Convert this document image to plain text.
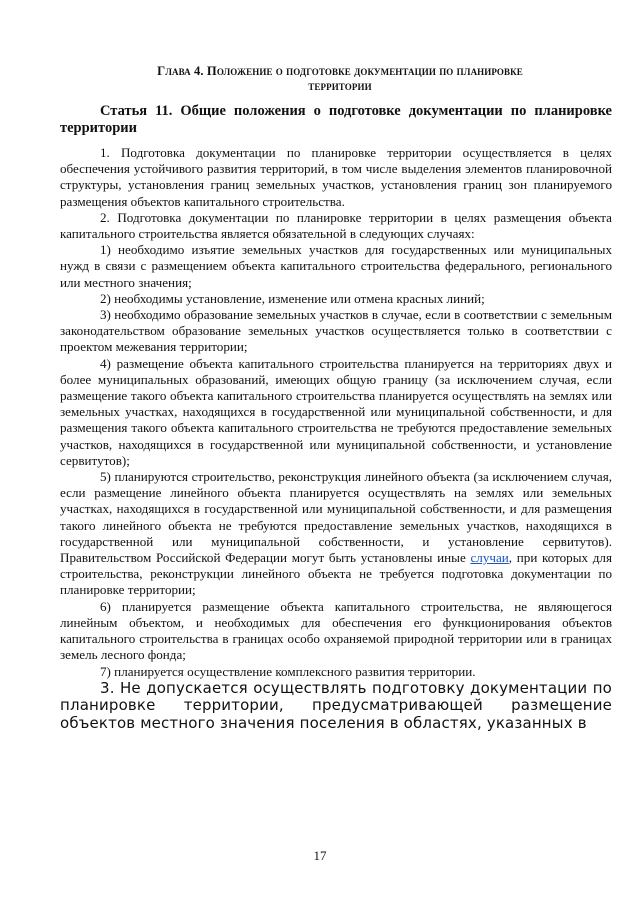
Глава 4. Положение о подготовке документации по планировке
территории
Статья 11. Общие положения о подготовке документации по планировке территории

1. Подготовка документации по планировке территории осуществляется в целях обеспечения устойчивого развития территорий, в том числе выделения элементов планировочной структуры, установления границ земельных участков, установления границ зон планируемого размещения объектов капитального строительства.

2. Подготовка документации по планировке территории в целях размещения объекта капитального строительства является обязательной в следующих случаях:

1) необходимо изъятие земельных участков для государственных или муниципальных нужд в связи с размещением объекта капитального строительства федерального, регионального или местного значения;

2) необходимы установление, изменение или отмена красных линий;

3) необходимо образование земельных участков в случае, если в соответствии с земельным законодательством образование земельных участков осуществляется только в соответствии с проектом межевания территории;

4) размещение объекта капитального строительства планируется на территориях двух и более муниципальных образований, имеющих общую границу (за исключением случая, если размещение такого объекта капитального строительства планируется осуществлять на землях или земельных участках, находящихся в государственной или муниципальной собственности, и для размещения такого объекта капитального строительства не требуются предоставление земельных участков, находящихся в государственной или муниципальной собственности, и установление сервитутов);

5) планируются строительство, реконструкция линейного объекта (за исключением случая, если размещение линейного объекта планируется осуществлять на землях или земельных участках, находящихся в государственной или муниципальной собственности, и для размещения такого линейного объекта не требуются предоставление земельных участков, находящихся в государственной или муниципальной собственности, и установление сервитутов). Правительством Российской Федерации могут быть установлены иные случаи, при которых для строительства, реконструкции линейного объекта не требуется подготовка документации по планировке территории;

6) планируется размещение объекта капитального строительства, не являющегося линейным объектом, и необходимых для обеспечения его функционирования объектов капитального строительства в границах особо охраняемой природной территории или в границах земель лесного фонда;

7) планируется осуществление комплексного развития территории.

3. Не допускается осуществлять подготовку документации по планировке территории, предусматривающей размещение объектов местного значения поселения в областях, указанных в

17
